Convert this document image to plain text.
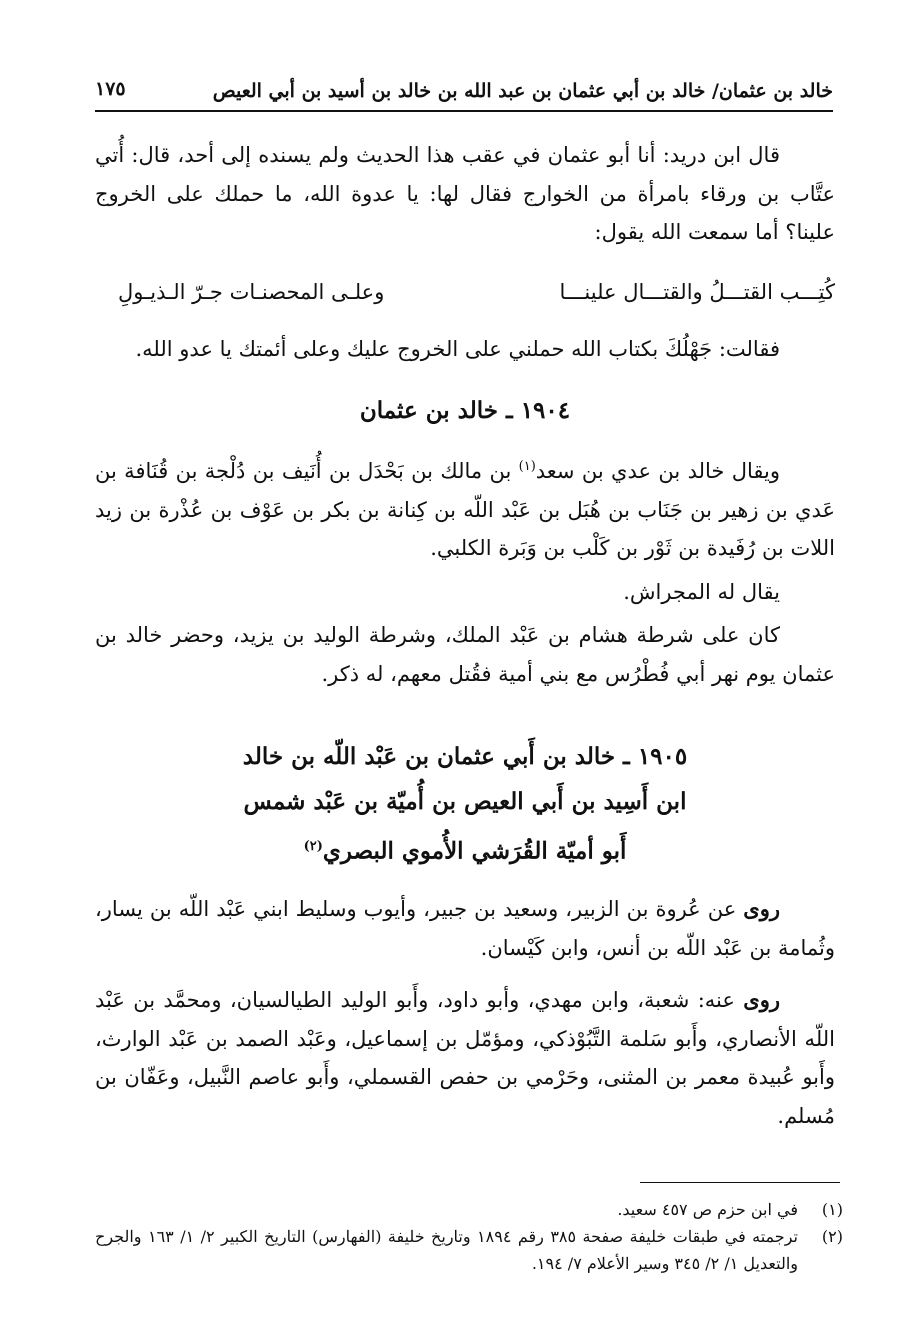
خالد بن عثمان/ خالد بن أبي عثمان بن عبد الله بن خالد بن أسيد بن أبي العيص
١٧٥

قال ابن دريد: أنا أبو عثمان في عقب هذا الحديث ولم يسنده إلى أحد، قال: أُتي عتَّاب بن ورقاء بامرأة من الخوارج فقال لها: يا عدوة الله، ما حملك على الخروج علينا؟ أما سمعت الله يقول:

كُتِـــب القتـــلُ والقتـــال علينـــا
وعلـى المحصنـات جـرّ الـذيـولِ

فقالت: جَهْلُكَ بكتاب الله حملني على الخروج عليك وعلى أئمتك يا عدو الله.

١٩٠٤ ـ خالد بن عثمان

ويقال خالد بن عدي بن سعد$^{(١)}$ بن مالك بن بَحْدَل بن أُنَيف بن دُلْجة بن قُنَافة بن عَدي بن زهير بن جَنَاب بن هُبَل بن عَبْد اللّه بن كِنانة بن بكر بن عَوْف بن عُذْرة بن زيد اللات بن رُفَيدة بن ثَوْر بن كَلْب بن وَبَرة الكلبي.

يقال له المجراش.

كان على شرطة هشام بن عَبْد الملك، وشرطة الوليد بن يزيد، وحضر خالد بن عثمان يوم نهر أبي فُطْرُس مع بني أمية فقُتل معهم، له ذكر.

١٩٠٥ ـ خالد بن أَبي عثمان بن عَبْد اللّه بن خالد
ابن أَسِيد بن أَبي العيص بن أُميّة بن عَبْد شمس
أَبو أميّة القُرَشي الأُموي البصري$^{(٢)}$

روى عن عُروة بن الزبير، وسعيد بن جبير، وأيوب وسليط ابني عَبْد اللّه بن يسار، وثُمامة بن عَبْد اللّه بن أنس، وابن كَيْسان.

روى عنه: شعبة، وابن مهدي، وأبو داود، وأَبو الوليد الطيالسيان، ومحمَّد بن عَبْد اللّه الأنصاري، وأَبو سَلمة التَّبُوْذكي، ومؤمّل بن إسماعيل، وعَبْد الصمد بن عَبْد الوارث، وأَبو عُبيدة معمر بن المثنى، وحَرْمي بن حفص القسملي، وأَبو عاصم النَّبيل، وعَفّان بن مُسلم.

(١)
في ابن حزم ص ٤٥٧ سعيد.
(٢)
ترجمته في طبقات خليفة صفحة ٣٨٥ رقم ١٨٩٤ وتاريخ خليفة (الفهارس) التاريخ الكبير ٢/ ١/ ١٦٣ والجرح والتعديل ١/ ٢/ ٣٤٥ وسير الأعلام ٧/ ١٩٤.
